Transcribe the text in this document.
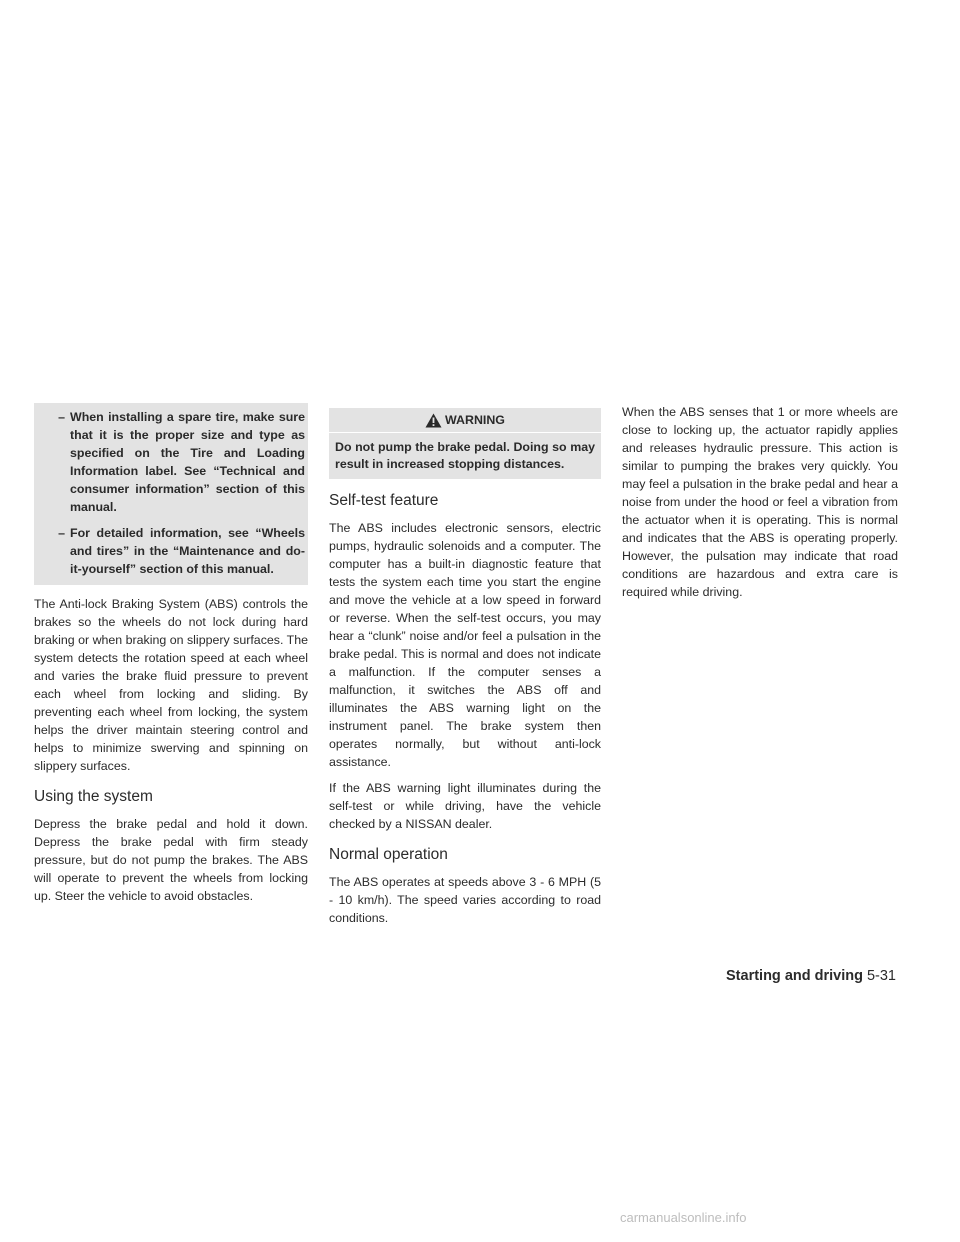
– When installing a spare tire, make sure that it is the proper size and type as specified on the Tire and Loading Information label. See “Technical and consumer information” section of this manual.
– For detailed information, see “Wheels and tires” in the “Maintenance and do-it-yourself” section of this manual.

The Anti-lock Braking System (ABS) controls the brakes so the wheels do not lock during hard braking or when braking on slippery surfaces. The system detects the rotation speed at each wheel and varies the brake fluid pressure to prevent each wheel from locking and sliding. By preventing each wheel from locking, the system helps the driver maintain steering control and helps to minimize swerving and spinning on slippery surfaces.

Using the system

Depress the brake pedal and hold it down. Depress the brake pedal with firm steady pressure, but do not pump the brakes. The ABS will operate to prevent the wheels from locking up. Steer the vehicle to avoid obstacles.

WARNING
Do not pump the brake pedal. Doing so may result in increased stopping distances.
Self-test feature

The ABS includes electronic sensors, electric pumps, hydraulic solenoids and a computer. The computer has a built-in diagnostic feature that tests the system each time you start the engine and move the vehicle at a low speed in forward or reverse. When the self-test occurs, you may hear a “clunk” noise and/or feel a pulsation in the brake pedal. This is normal and does not indicate a malfunction. If the computer senses a malfunction, it switches the ABS off and illuminates the ABS warning light on the instrument panel. The brake system then operates normally, but without anti-lock assistance.

If the ABS warning light illuminates during the self-test or while driving, have the vehicle checked by a NISSAN dealer.

Normal operation

The ABS operates at speeds above 3 - 6 MPH (5 - 10 km/h). The speed varies according to road conditions.

When the ABS senses that 1 or more wheels are close to locking up, the actuator rapidly applies and releases hydraulic pressure. This action is similar to pumping the brakes very quickly. You may feel a pulsation in the brake pedal and hear a noise from under the hood or feel a vibration from the actuator when it is operating. This is normal and indicates that the ABS is operating properly. However, the pulsation may indicate that road conditions are hazardous and extra care is required while driving.

Starting and driving 5-31
carmanualsonline.info
